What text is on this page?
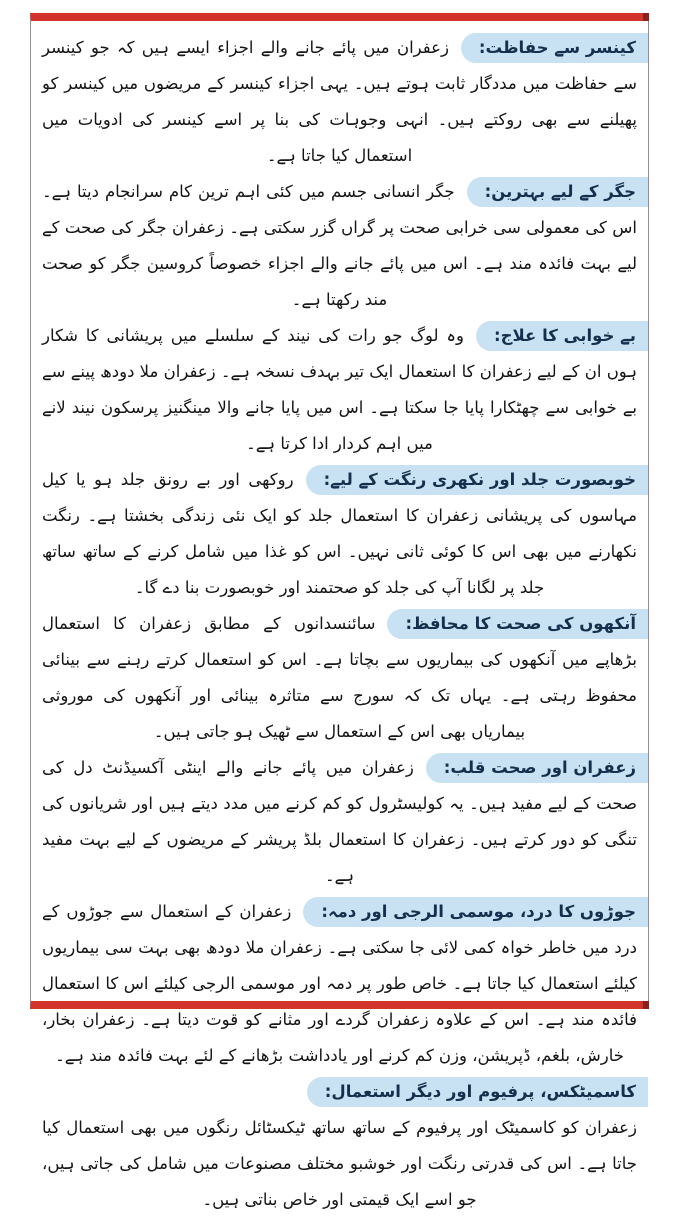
کینسر سے حفاظت:زعفران میں پائے جانے والے اجزاء ایسے ہیں کہ جو کینسر سے حفاظت میں مددگار ثابت ہوتے ہیں۔ یہی اجزاء کینسر کے مریضوں میں کینسر کو پھیلنے سے بھی روکتے ہیں۔ انہی وجوہات کی بنا پر اسے کینسر کی ادویات میں استعمال کیا جاتا ہے۔

جگر کے لیے بہترین:جگر انسانی جسم میں کئی اہم ترین کام سرانجام دیتا ہے۔ اس کی معمولی سی خرابی صحت پر گراں گزر سکتی ہے۔ زعفران جگر کی صحت کے لیے بہت فائدہ مند ہے۔ اس میں پائے جانے والے اجزاء خصوصاً کروسین جگر کو صحت مند رکھتا ہے۔

بے خوابی کا علاج:وہ لوگ جو رات کی نیند کے سلسلے میں پریشانی کا شکار ہوں ان کے لیے زعفران کا استعمال ایک تیر بہدف نسخہ ہے۔ زعفران ملا دودھ پینے سے بے خوابی سے چھٹکارا پایا جا سکتا ہے۔ اس میں پایا جانے والا مینگنیز پرسکون نیند لانے میں اہم کردار ادا کرتا ہے۔

خوبصورت جلد اور نکھری رنگت کے لیے:روکھی اور بے رونق جلد ہو یا کیل مہاسوں کی پریشانی زعفران کا استعمال جلد کو ایک نئی زندگی بخشتا ہے۔ رنگت نکھارنے میں بھی اس کا کوئی ثانی نہیں۔ اس کو غذا میں شامل کرنے کے ساتھ ساتھ جلد پر لگانا آپ کی جلد کو صحتمند اور خوبصورت بنا دے گا۔

آنکھوں کی صحت کا محافظ:سائنسدانوں کے مطابق زعفران کا استعمال بڑھاپے میں آنکھوں کی بیماریوں سے بچاتا ہے۔ اس کو استعمال کرتے رہنے سے بینائی محفوظ رہتی ہے۔ یہاں تک کہ سورج سے متاثرہ بینائی اور آنکھوں کی موروثی بیماریاں بھی اس کے استعمال سے ٹھیک ہو جاتی ہیں۔

زعفران اور صحت قلب:زعفران میں پائے جانے والے اینٹی آکسیڈنٹ دل کی صحت کے لیے مفید ہیں۔ یہ کولیسٹرول کو کم کرنے میں مدد دیتے ہیں اور شریانوں کی تنگی کو دور کرتے ہیں۔ زعفران کا استعمال بلڈ پریشر کے مریضوں کے لیے بہت مفید ہے۔

جوڑوں کا درد، موسمی الرجی اور دمہ:زعفران کے استعمال سے جوڑوں کے درد میں خاطر خواہ کمی لائی جا سکتی ہے۔ زعفران ملا دودھ بھی بہت سی بیماریوں کیلئے استعمال کیا جاتا ہے۔ خاص طور پر دمہ اور موسمی الرجی کیلئے اس کا استعمال فائدہ مند ہے۔ اس کے علاوہ زعفران گردے اور مثانے کو قوت دیتا ہے۔ زعفران بخار، خارش، بلغم، ڈپریشن، وزن کم کرنے اور یادداشت بڑھانے کے لئے بہت فائدہ مند ہے۔

کاسمیٹکس، پرفیوم اور دیگر استعمال:

زعفران کو کاسمیٹک اور پرفیوم کے ساتھ ساتھ ٹیکسٹائل رنگوں میں بھی استعمال کیا جاتا ہے۔ اس کی قدرتی رنگت اور خوشبو مختلف مصنوعات میں شامل کی جاتی ہیں، جو اسے ایک قیمتی اور خاص بناتی ہیں۔
